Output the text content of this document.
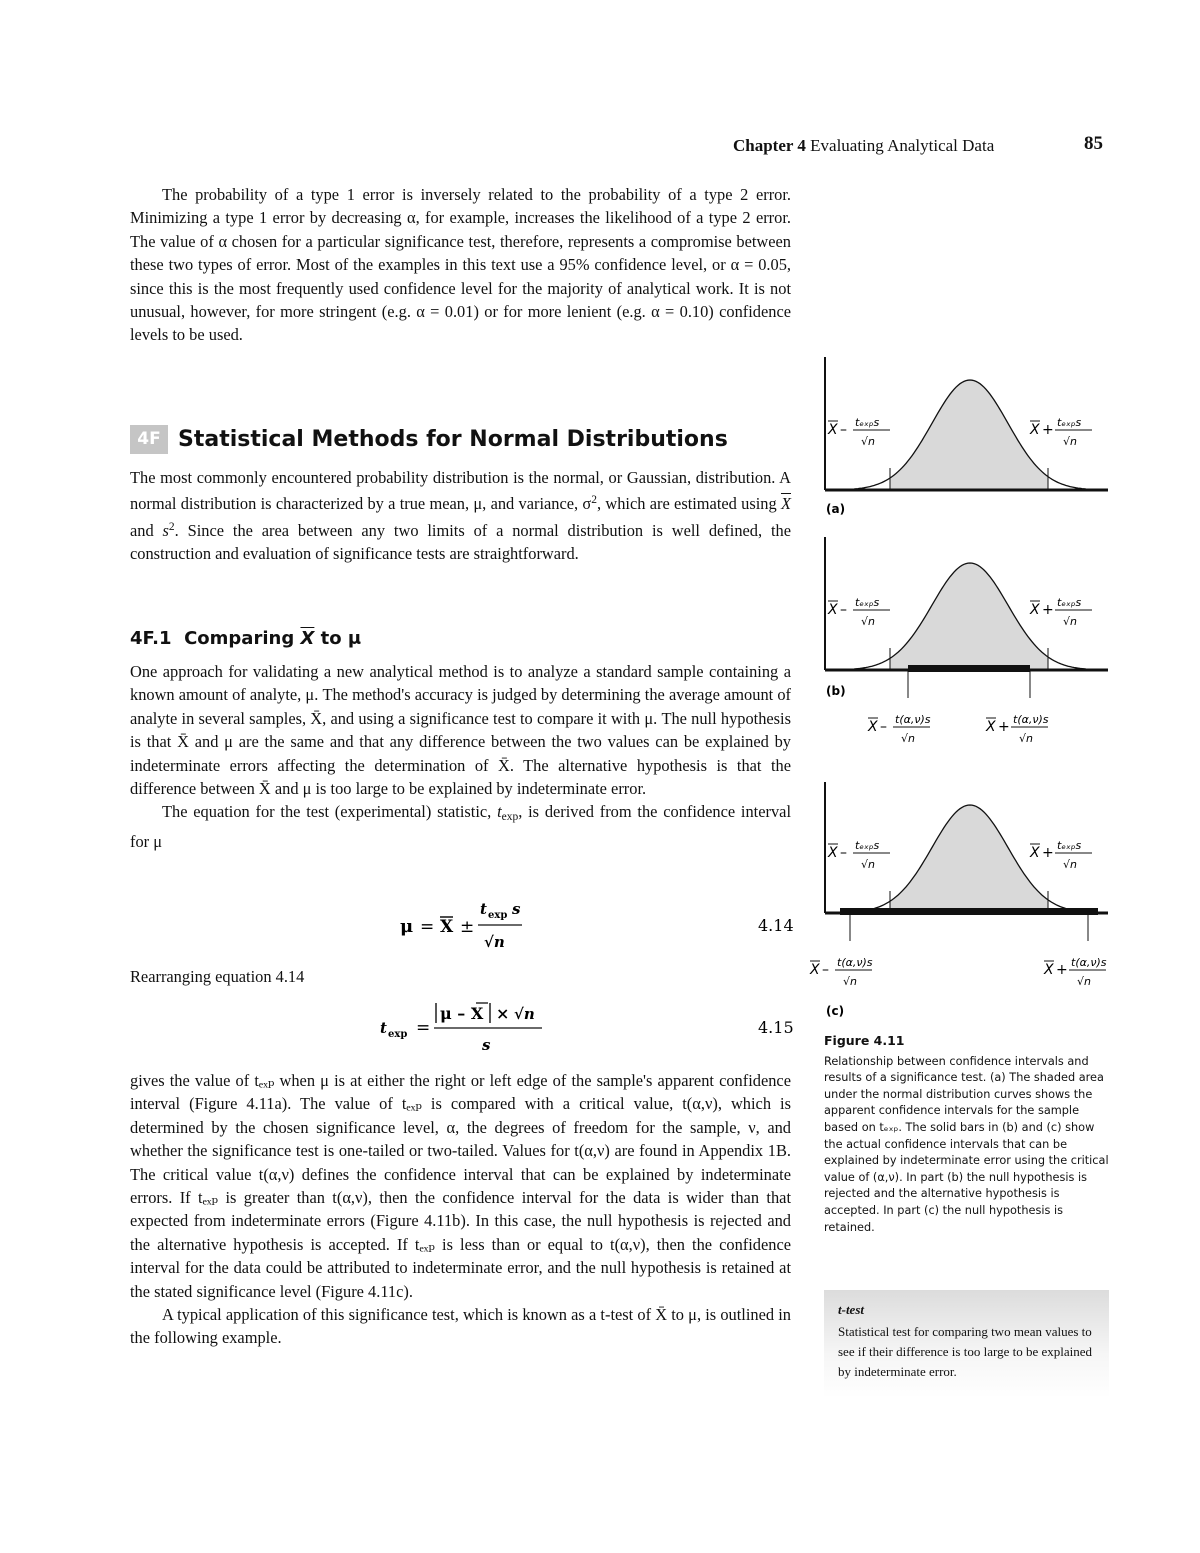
Chapter 4 Evaluating Analytical Data	85

The probability of a type 1 error is inversely related to the probability of a type 2 error. Minimizing a type 1 error by decreasing α, for example, increases the likelihood of a type 2 error. The value of α chosen for a particular significance test, therefore, represents a compromise between these two types of error. Most of the examples in this text use a 95% confidence level, or α = 0.05, since this is the most frequently used confidence level for the majority of analytical work. It is not unusual, however, for more stringent (e.g. α = 0.01) or for more lenient (e.g. α = 0.10) confidence levels to be used.

4F Statistical Methods for Normal Distributions

The most commonly encountered probability distribution is the normal, or Gaussian, distribution. A normal distribution is characterized by a true mean, μ, and variance, $\sigma^2$, which are estimated using $\overline{X}$ and $s^2$. Since the area between any two limits of a normal distribution is well defined, the construction and evaluation of significance tests are straightforward.

4F.1 Comparing $\overline{X}$ to μ

One approach for validating a new analytical method is to analyze a standard sample containing a known amount of analyte, μ. The method's accuracy is judged by determining the average amount of analyte in several samples, X̄, and using a significance test to compare it with μ. The null hypothesis is that X̄ and μ are the same and that any difference between the two values can be explained by indeterminate errors affecting the determination of X̄. The alternative hypothesis is that the difference between X̄ and μ is too large to be explained by indeterminate error.

The equation for the test (experimental) statistic, $t_{exp}$, is derived from the confidence interval for μ

μ = X ±
t exp s
√n
4.14
Rearranging equation 4.14
t exp =
μ – X × √n
s
4.15

gives the value of tₑₓₚ when μ is at either the right or left edge of the sample's apparent confidence interval (Figure 4.11a). The value of tₑₓₚ is compared with a critical value, t(α,ν), which is determined by the chosen significance level, α, the degrees of freedom for the sample, ν, and whether the significance test is one-tailed or two-tailed. Values for t(α,ν) are found in Appendix 1B. The critical value t(α,ν) defines the confidence interval that can be explained by indeterminate errors. If tₑₓₚ is greater than t(α,ν), then the confidence interval for the data is wider than that expected from indeterminate errors (Figure 4.11b). In this case, the null hypothesis is rejected and the alternative hypothesis is accepted. If tₑₓₚ is less than or equal to t(α,ν), then the confidence interval for the data could be attributed to indeterminate error, and the null hypothesis is retained at the stated significance level (Figure 4.11c).

A typical application of this significance test, which is known as a t-test of X̄ to μ, is outlined in the following example.

X – tₑₓₚs
√n
X + tₑₓₚs
√n
(a)
X – tₑₓₚs
√n
X + tₑₓₚs
√n
X – t(α,ν)s
√n
X + t(α,ν)s
√n
(b)
X – tₑₓₚs
√n
X + tₑₓₚs
√n
X – t(α,ν)s
√n
X + t(α,ν)s
√n
(c)
Figure 4.11
Relationship between confidence intervals and results of a significance test. (a) The shaded area under the normal distribution curves shows the apparent confidence intervals for the sample based on tₑₓₚ. The solid bars in (b) and (c) show the actual confidence intervals that can be explained by indeterminate error using the critical value of (α,ν). In part (b) the null hypothesis is rejected and the alternative hypothesis is accepted. In part (c) the null hypothesis is retained.
t-test
Statistical test for comparing two mean values to see if their difference is too large to be explained by indeterminate error.
